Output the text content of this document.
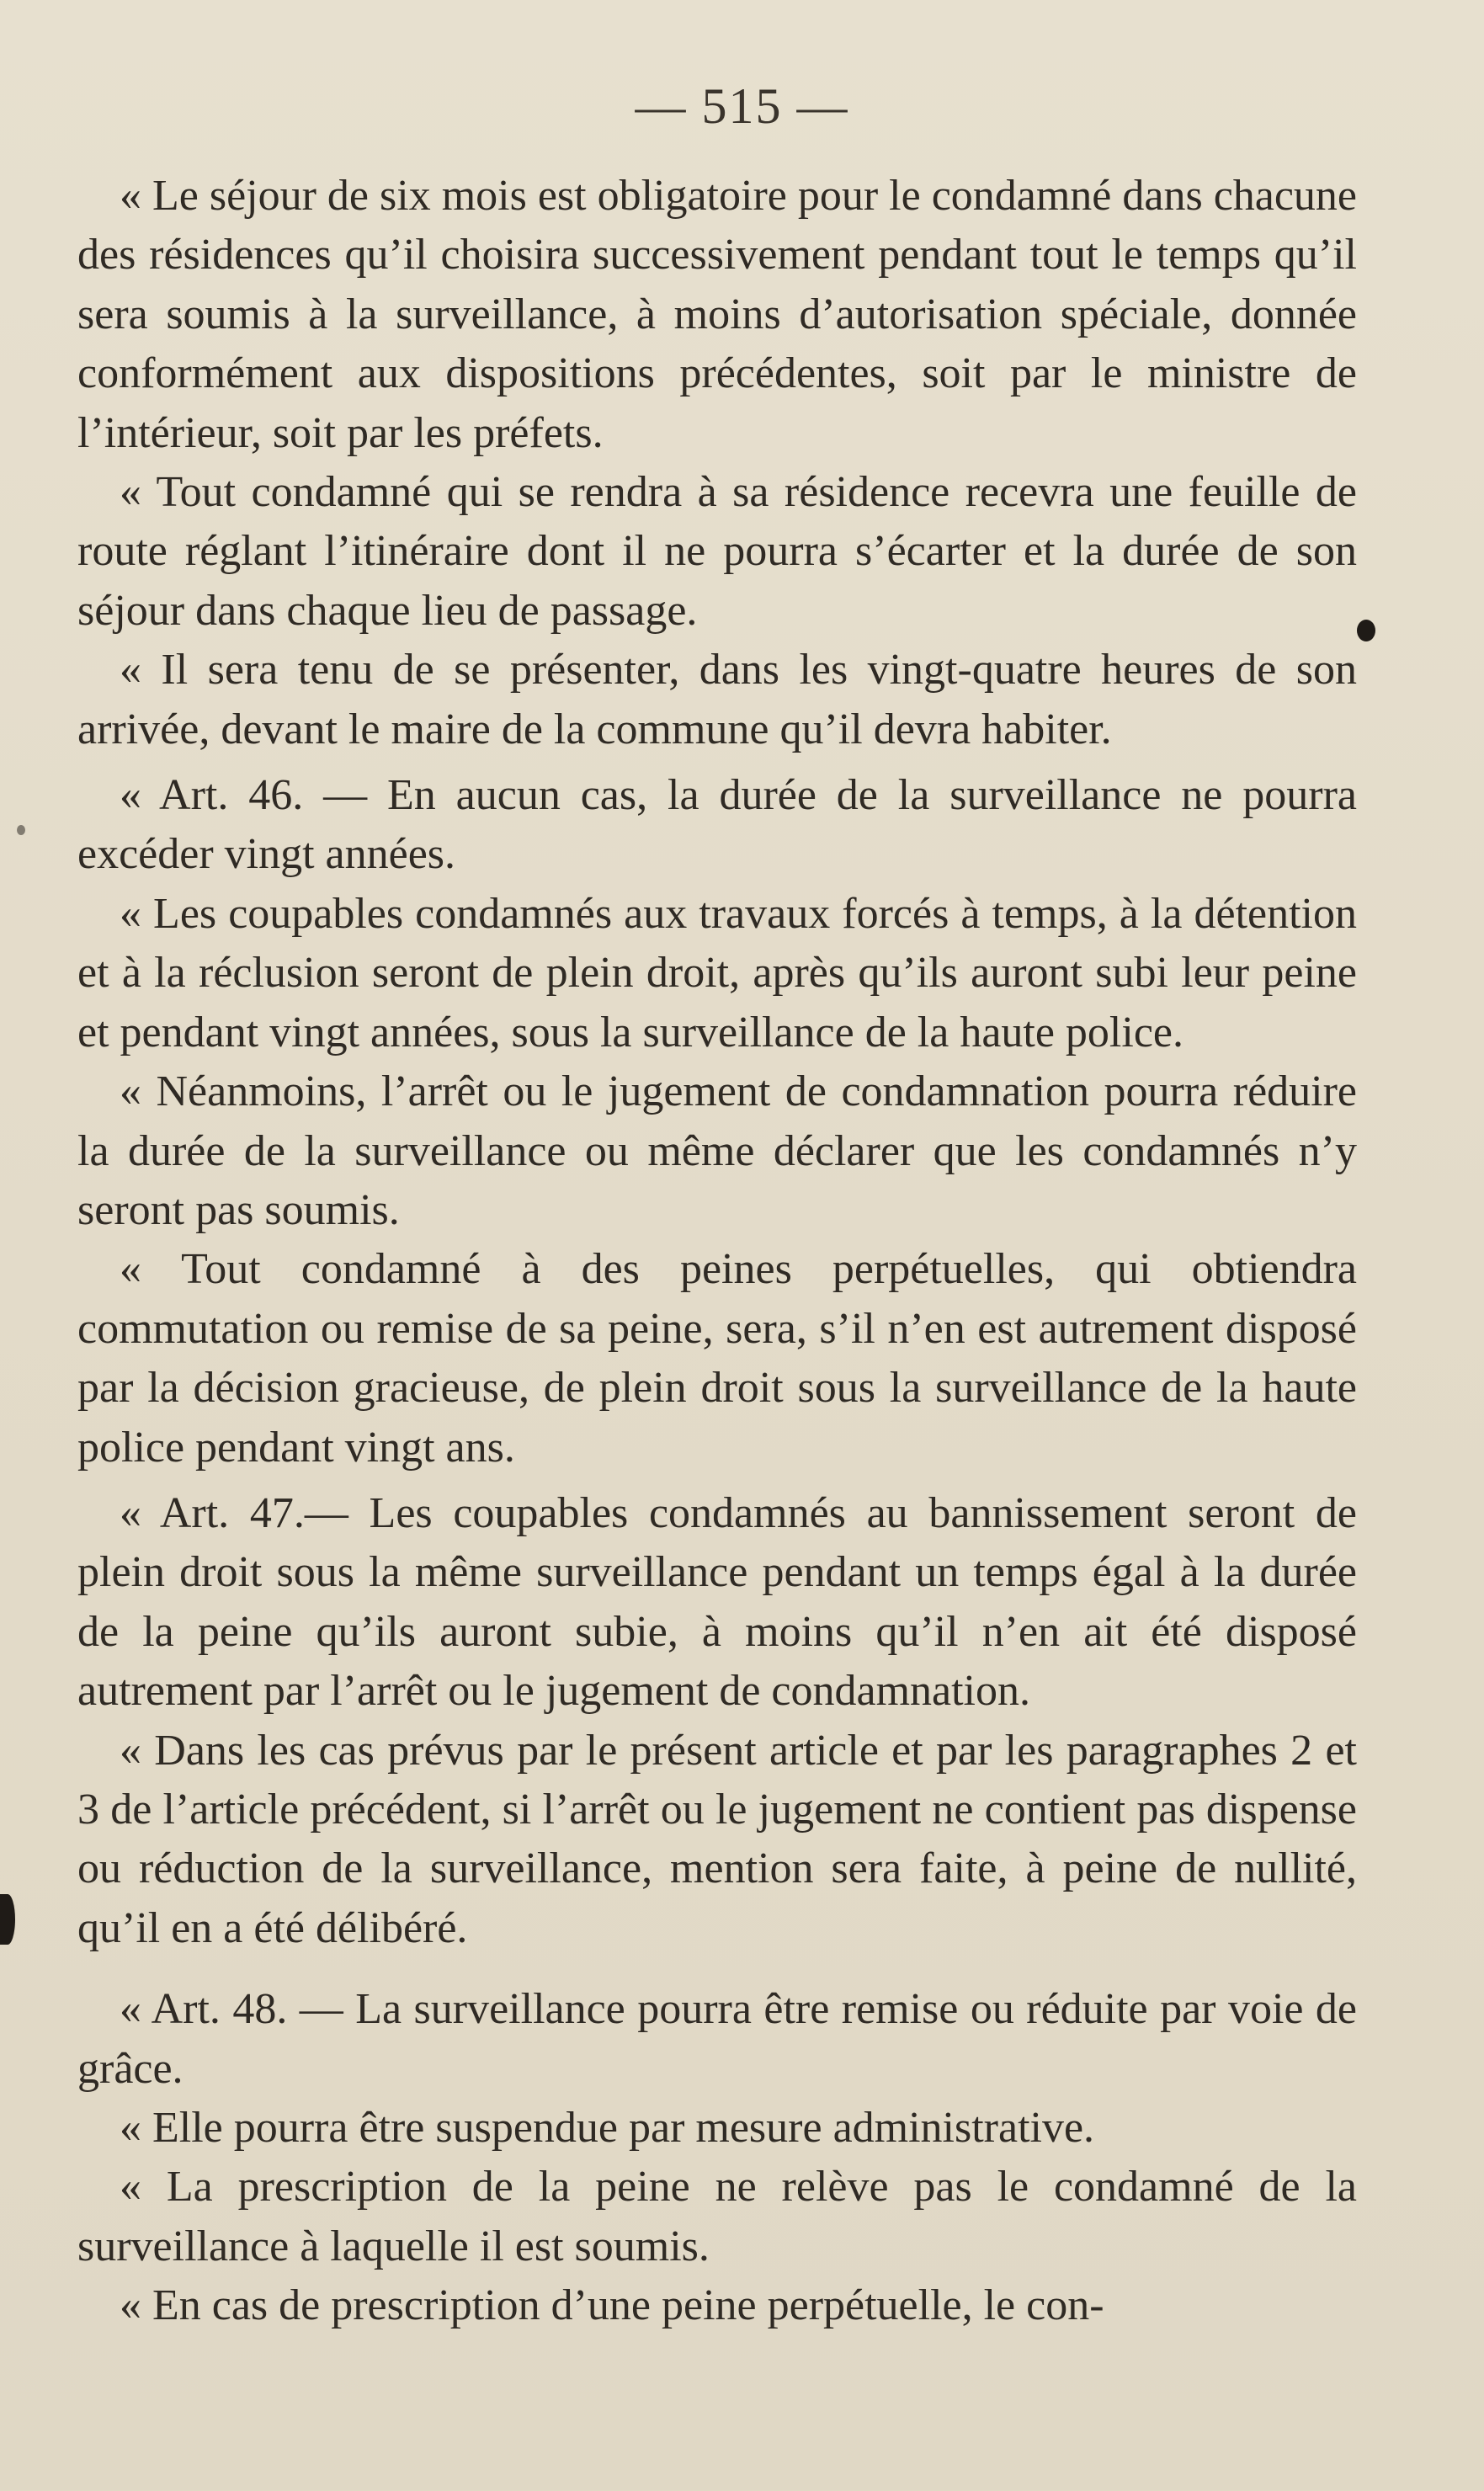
— 515 —

« Le séjour de six mois est obligatoire pour le condamné dans chacune des résidences qu’il choisira successivement pendant tout le temps qu’il sera soumis à la surveillance, à moins d’autorisation spéciale, donnée conformément aux dispositions précédentes, soit par le ministre de l’intérieur, soit par les préfets.

« Tout condamné qui se rendra à sa résidence recevra une feuille de route réglant l’itinéraire dont il ne pourra s’écarter et la durée de son séjour dans chaque lieu de passage.

« Il sera tenu de se présenter, dans les vingt-quatre heures de son arrivée, devant le maire de la commune qu’il devra habiter.

« Art. 46. — En aucun cas, la durée de la surveillance ne pourra excéder vingt années.

« Les coupables condamnés aux travaux forcés à temps, à la détention et à la réclusion seront de plein droit, après qu’ils auront subi leur peine et pendant vingt années, sous la surveillance de la haute police.

« Néanmoins, l’arrêt ou le jugement de condamnation pourra réduire la durée de la surveillance ou même déclarer que les condamnés n’y seront pas soumis.

« Tout condamné à des peines perpétuelles, qui obtiendra commutation ou remise de sa peine, sera, s’il n’en est autrement disposé par la décision gracieuse, de plein droit sous la surveillance de la haute police pendant vingt ans.

« Art. 47.— Les coupables condamnés au bannissement seront de plein droit sous la même surveillance pendant un temps égal à la durée de la peine qu’ils auront subie, à moins qu’il n’en ait été disposé autrement par l’arrêt ou le jugement de condamnation.

« Dans les cas prévus par le présent article et par les paragraphes 2 et 3 de l’article précédent, si l’arrêt ou le jugement ne contient pas dispense ou réduction de la surveillance, mention sera faite, à peine de nullité, qu’il en a été délibéré.

« Art. 48. — La surveillance pourra être remise ou réduite par voie de grâce.

« Elle pourra être suspendue par mesure administrative.

« La prescription de la peine ne relève pas le condamné de la surveillance à laquelle il est soumis.

« En cas de prescription d’une peine perpétuelle, le con-
